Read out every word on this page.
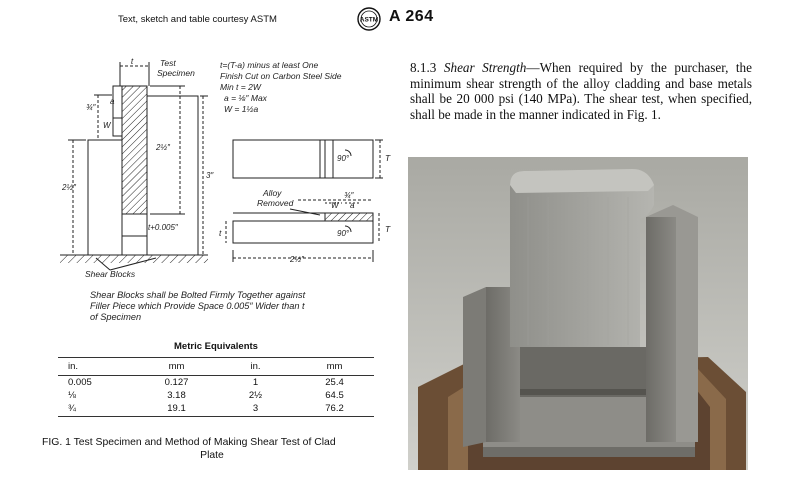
Text, sketch and table courtesy ASTM	ASTM A 264
8.1.3 Shear Strength—When required by the purchaser, the minimum shear strength of the alloy cladding and base metals shall be 20 000 psi (140 MPa). The shear test, when specified, shall be made in the manner indicated in Fig. 1.
t	Test
Specimen
t=(T-a) minus at least One
Finish Cut on Carbon Steel Side
Min t = 2W
a = ⅛″ Max
W = 1½a
a
W
¾″
2½″
2½″
3″
t+0.005″
Shear Blocks
90°	T
Alloy
Removed
¾″
W a
90°
t	T
2½″
Shear Blocks shall be Bolted Firmly Together against
Filler Piece which Provide Space 0.005″ Wider than t
of Specimen
Metric Equivalents
in.	mm	in.	mm
0.005	0.127	1	25.4
⅛	3.18	2½	64.5
¾	19.1	3	76.2
FIG. 1 Test Specimen and Method of Making Shear Test of Clad
Plate
